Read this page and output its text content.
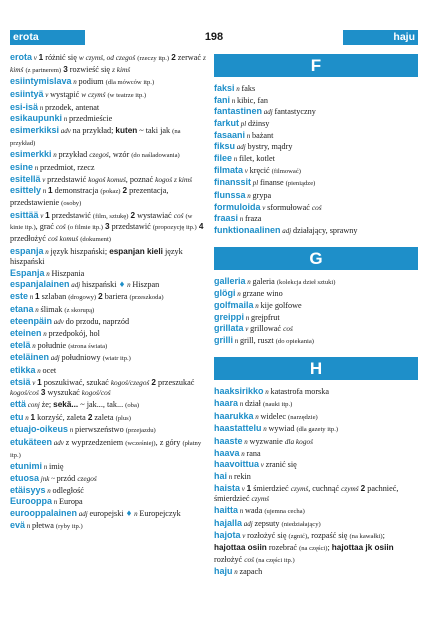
erota	198	haju
erota v 1 różnić się w czymś, od czegoś (rzeczy itp.) 2 zerwać z kimś (z partnerem) 3 rozwieść się z kimś
esiintymislava n podium (dla mówców itp.)
esiintyä v wystąpić w czymś (w teatrze itp.)
esi-isä n przodek, antenat
esikaupunki n przedmieście
esimerkiksi adv na przykład; kuten ~ taki jak (na przykład)
esimerkki n przykład czegoś, wzór (do naśladowania)
esine n przedmiot, rzecz
esitellä v przedstawić kogoś komuś, poznać kogoś z kimś
esittely n 1 demonstracja (pokaz) 2 prezentacja, przedstawienie (osoby)
esittää v 1 przedstawić (film, sztukę) 2 wystawiać coś (w kinie itp.), grać coś (o filmie itp.) 3 przedstawić (propozycję itp.) 4 przedłożyć coś komuś (dokument)
espanja n język hiszpański; espanjan kieli język hiszpański
Espanja n Hiszpania
espanjalainen adj hiszpański ♦ n Hiszpan
este n 1 szlaban (drogowy) 2 bariera (przeszkoda)
etana n ślimak (z skorupą)
eteenpäin adv do przodu, naprzód
eteinen n przedpokój, hol
etelä n południe (strona świata)
eteläinen adj południowy (wiatr itp.)
etikka n ocet
etsiä v 1 poszukiwać, szukać kogoś/czegoś 2 przeszukać kogoś/coś 3 wyszukać kogoś/coś
että conj że; sekä... ~ jak..., tak... (oba)
etu n 1 korzyść, zaleta 2 zaleta (plus)
etuajo-oikeus n pierwszeństwo (przejazdu)
etukäteen adv z wyprzedzeniem (wcześniej), z góry (płatny itp.)
etunimi n imię
etuosa jnk ~ przód czegoś
etäisyys n odległość
Eurooppa n Europa
eurooppalainen adj europejski ♦ n Europejczyk
evä n płetwa (ryby itp.)
F
faksi n faks
fani n kibic, fan
fantastinen adj fantastyczny
farkut pl dżinsy
fasaani n bażant
fiksu adj bystry, mądry
filee n filet, kotlet
filmata v kręcić (filmować)
finanssit pl finanse (pieniądze)
flunssa n grypa
formuloida v sformułować coś
fraasi n fraza
funktionaalinen adj działający, sprawny
G
galleria n galeria (kolekcja dzieł sztuki)
glögi n grzane wino
golfmaila n kije golfowe
greippi n grejpfrut
grillata v grillować coś
grilli n grill, ruszt (do opiekania)
H
haaksirikko n katastrofa morska
haara n dział (nauki itp.)
haarukka n widelec (narzędzie)
haastattelu n wywiad (dla gazety itp.)
haaste n wyzwanie dla kogoś
haava n rana
haavoittua v zranić się
hai n rekin
haista v 1 śmierdzieć czymś, cuchnąć czymś 2 pachnieć, śmierdzieć czymś
haitta n wada (ujemna cecha)
hajalla adj zepsuty (niedziałający)
hajota v rozłożyć się (zgnić), rozpaść się (na kawałki); hajottaa osiin rozebrać (na części); hajottaa jk osiin rozłożyć coś (na części itp.)
haju n zapach
